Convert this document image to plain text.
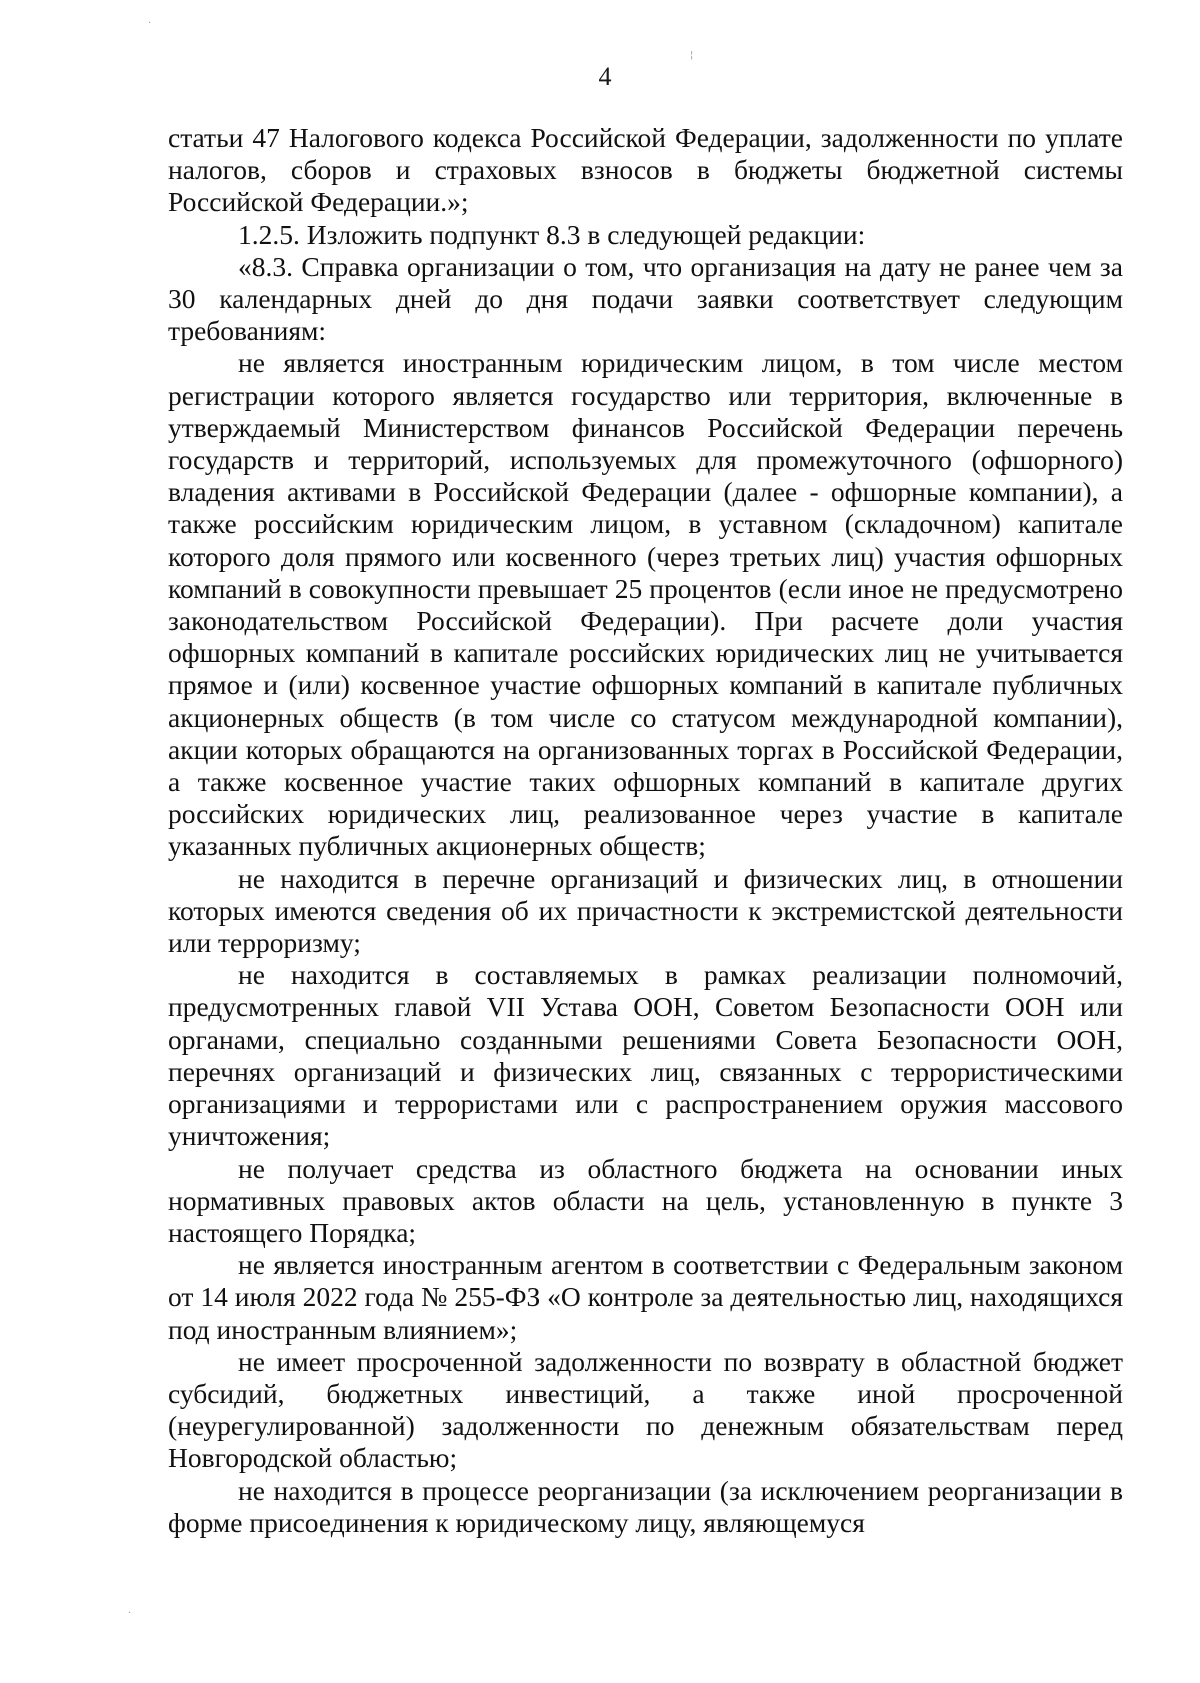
·
¦
·
4

статьи 47 Налогового кодекса Российской Федерации, задолженности по уплате налогов, сборов и страховых взносов в бюджеты бюджетной системы Российской Федерации.»;

1.2.5. Изложить подпункт 8.3 в следующей редакции:

«8.3. Справка организации о том, что организация на дату не ранее чем за 30 календарных дней до дня подачи заявки соответствует следующим требованиям:

не является иностранным юридическим лицом, в том числе местом регистрации которого является государство или территория, включенные в утверждаемый Министерством финансов Российской Федерации перечень государств и территорий, используемых для промежуточного (офшорного) владения активами в Российской Федерации (далее - офшорные компании), а также российским юридическим лицом, в уставном (складочном) капитале которого доля прямого или косвенного (через третьих лиц) участия офшорных компаний в совокупности превышает 25 процентов (если иное не предусмотрено законодательством Российской Федерации). При расчете доли участия офшорных компаний в капитале российских юридических лиц не учитывается прямое и (или) косвенное участие офшорных компаний в капитале публичных акционерных обществ (в том числе со статусом международной компании), акции которых обращаются на организованных торгах в Российской Федерации, а также косвенное участие таких офшорных компаний в капитале других российских юридических лиц, реализованное через участие в капитале указанных публичных акционерных обществ;

не находится в перечне организаций и физических лиц, в отношении которых имеются сведения об их причастности к экстремистской деятельности или терроризму;

не находится в составляемых в рамках реализации полномочий, предусмотренных главой VII Устава ООН, Советом Безопасности ООН или органами, специально созданными решениями Совета Безопасности ООН, перечнях организаций и физических лиц, связанных с террористическими организациями и террористами или с распространением оружия массового уничтожения;

не получает средства из областного бюджета на основании иных нормативных правовых актов области на цель, установленную в пункте 3 настоящего Порядка;

не является иностранным агентом в соответствии с Федеральным законом от 14 июля 2022 года № 255-ФЗ «О контроле за деятельностью лиц, находящихся под иностранным влиянием»;

не имеет просроченной задолженности по возврату в областной бюджет субсидий, бюджетных инвестиций, а также иной просроченной (неурегулированной) задолженности по денежным обязательствам перед Новгородской областью;

не находится в процессе реорганизации (за исключением реорганизации в форме присоединения к юридическому лицу, являющемуся
